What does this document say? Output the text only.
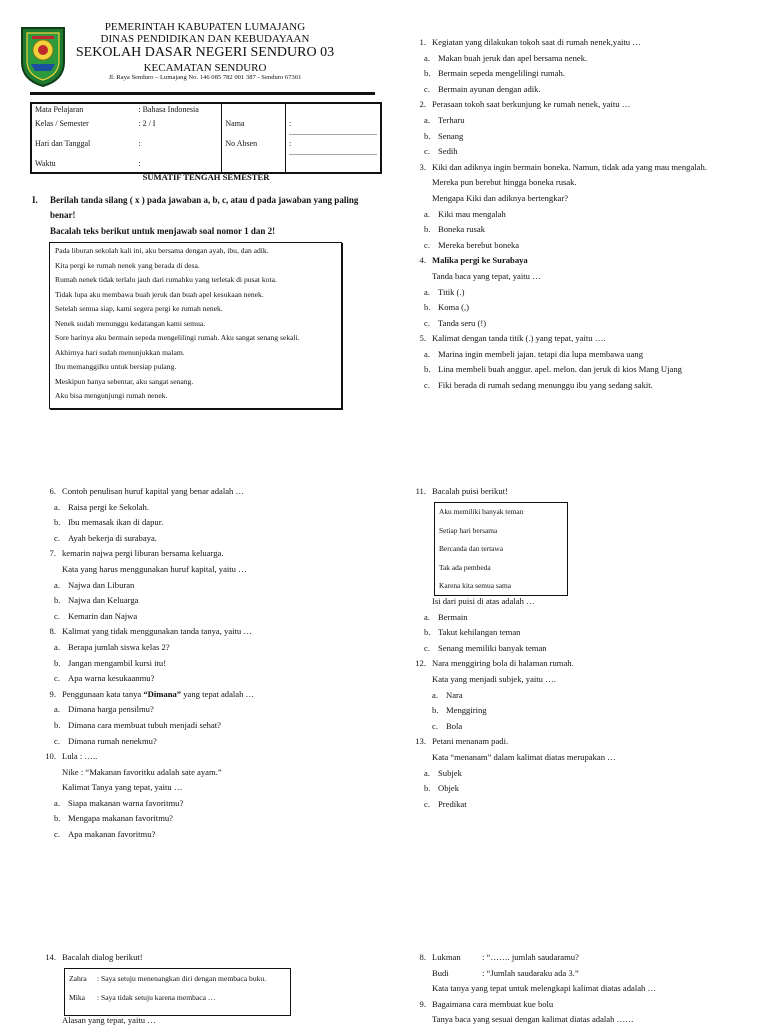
PEMERINTAH KABUPATEN LUMAJANG
DINAS PENDIDIKAN DAN KEBUDAYAAN
SEKOLAH DASAR NEGERI SENDURO 03
KECAMATAN SENDURO
Jl. Raya Senduro – Lumajang No. 146 085 782 001 387 - Senduro 67361
Mata Pelajaran	: Bahasa Indonesia		
Kelas / Semester	: 2 / I	Nama	: ............................................
Hari dan Tanggal	:	No Absen	: ............................................
Waktu	:		
SUMATIF TENGAH SEMESTER
I. Berilah tanda silang ( x ) pada jawaban a, b, c, atau d pada jawaban yang paling
benar!
Bacalah teks berikut untuk menjawab soal nomor 1 dan 2!
Pada liburan sekolah kali ini, aku bersama dengan ayah, ibu, dan adik.
Kita pergi ke rumah nenek yang berada di desa.
Rumah nenek tidak terlalu jauh dari rumahku yang terletak di pusat kota.
Tidak lupa aku membawa buah jeruk dan buah apel kesukaan nenek.
Setelah semua siap, kami segera pergi ke rumah nenek.
Nenek sudah menunggu kedatangan kami semua.
Sore harinya aku bermain sepeda mengelilingi rumah. Aku sangat senang sekali.
Akhirnya hari sudah menunjukkan malam.
Ibu memanggilku untuk bersiap pulang.
Meskipun hanya sebentar, aku sangat senang.
Aku bisa mengunjungi rumah nenek.
1. Kegiatan yang dilakukan tokoh saat di rumah nenek,yaitu …
a. Makan buah jeruk dan apel bersama nenek.
b. Bermain sepeda mengelilingi rumah.
c. Bermain ayunan dengan adik.
2. Perasaan tokoh saat berkunjung ke rumah nenek, yaitu …
a. Terharu
b. Senang
c. Sedih
3. Kiki dan adiknya ingin bermain boneka. Namun, tidak ada yang mau mengalah.
Mereka pun berebut hingga boneka rusak.
Mengapa Kiki dan adiknya bertengkar?
a. Kiki mau mengalah
b. Boneka rusak
c. Mereka berebut boneka
4. Malika pergi ke Surabaya
Tanda baca yang tepat, yaitu …
a. Titik (.)
b. Koma (,)
c. Tanda seru (!)
5. Kalimat dengan tanda titik (.) yang tepat, yaitu ….
a. Marina ingin membeli jajan. tetapi dia lupa membawa uang
b. Lina membeli buah anggur. apel. melon. dan jeruk di kios Mang Ujang
c. Fiki berada di rumah sedang menunggu ibu yang sedang sakit.
6. Contoh penulisan huruf kapital yang benar adalah …
a. Raisa pergi ke Sekolah.
b. Ibu memasak ikan di dapur.
c. Ayah bekerja di surabaya.
7. kemarin najwa pergi liburan bersama keluarga.
Kata yang harus menggunakan huruf kapital, yaitu …
a. Najwa dan Liburan
b. Najwa dan Keluarga
c. Kemarin dan Najwa
8. Kalimat yang tidak menggunakan tanda tanya, yaitu …
a. Berapa jumlah siswa kelas 2?
b. Jangan mengambil kursi itu!
c. Apa warna kesukaanmu?
9. Penggunaan kata tanya “Dimana” yang tepat adalah …
a. Dimana harga pensilmu?
b. Dimana cara membuat tubuh menjadi sehat?
c. Dimana rumah nenekmu?
10. Lula : …..
Nike : “Makanan favoritku adalah sate ayam.”
Kalimat Tanya yang tepat, yaitu …
a. Siapa makanan warna favoritmu?
b. Mengapa makanan favoritmu?
c. Apa makanan favoritmu?
11. Bacalah puisi berikut!
Aku memiliki banyak teman
Setiap hari bersama
Bercanda dan tertawa
Tak ada pembeda
Karena kita semua sama
Isi dari puisi di atas adalah …
a. Bermain
b. Takut kehilangan teman
c. Senang memiliki banyak teman
12. Nara menggiring bola di halaman rumah.
Kata yang menjadi subjek, yaitu ….
a. Nara
b. Menggiring
c. Bola
13. Petani menanam padi.
Kata “menanam” dalam kalimat diatas merupakan …
a. Subjek
b. Objek
c. Predikat
14. Bacalah dialog berikut!
Zahra : Saya setuju menenangkan diri dengan membaca buku.
Mika : Saya tidak setuju karena membaca …
Alasan yang tepat, yaitu …
8. Lukman : “……. jumlah saudaramu?
Budi	: “Jumlah saudaraku ada 3.”
Kata tanya yang tepat untuk melengkapi kalimat diatas adalah …
9. Bagaimana cara membuat kue bolu
Tanya baca yang sesuai dengan kalimat diatas adalah ……
